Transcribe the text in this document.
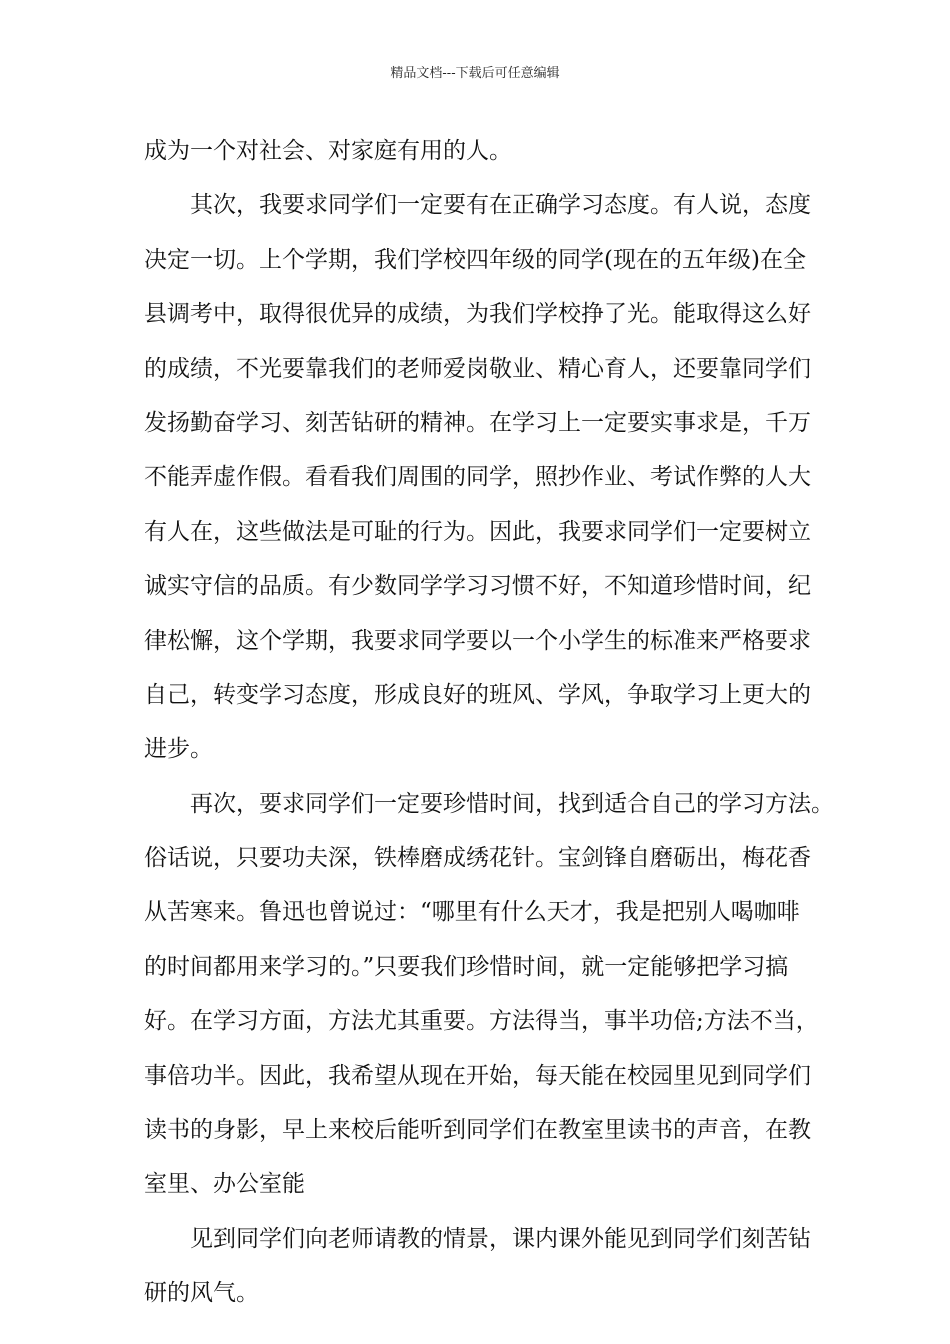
精品文档---下载后可任意编辑
成为一个对社会、对家庭有用的人。
　　其次，我要求同学们一定要有在正确学习态度。有人说，态度
决定一切。上个学期，我们学校四年级的同学(现在的五年级)在全
县调考中，取得很优异的成绩，为我们学校挣了光。能取得这么好
的成绩，不光要靠我们的老师爱岗敬业、精心育人，还要靠同学们
发扬勤奋学习、刻苦钻研的精神。在学习上一定要实事求是，千万
不能弄虚作假。看看我们周围的同学，照抄作业、考试作弊的人大
有人在，这些做法是可耻的行为。因此，我要求同学们一定要树立
诚实守信的品质。有少数同学学习习惯不好，不知道珍惜时间，纪
律松懈，这个学期，我要求同学要以一个小学生的标准来严格要求
自己，转变学习态度，形成良好的班风、学风，争取学习上更大的
进步。
　　再次，要求同学们一定要珍惜时间，找到适合自己的学习方法。
俗话说，只要功夫深，铁棒磨成绣花针。宝剑锋自磨砺出，梅花香
从苦寒来。鲁迅也曾说过：“哪里有什么天才，我是把别人喝咖啡
的时间都用来学习的。”只要我们珍惜时间，就一定能够把学习搞
好。在学习方面，方法尤其重要。方法得当，事半功倍;方法不当，
事倍功半。因此，我希望从现在开始，每天能在校园里见到同学们
读书的身影，早上来校后能听到同学们在教室里读书的声音，在教
室里、办公室能
　　见到同学们向老师请教的情景，课内课外能见到同学们刻苦钻
研的风气。
